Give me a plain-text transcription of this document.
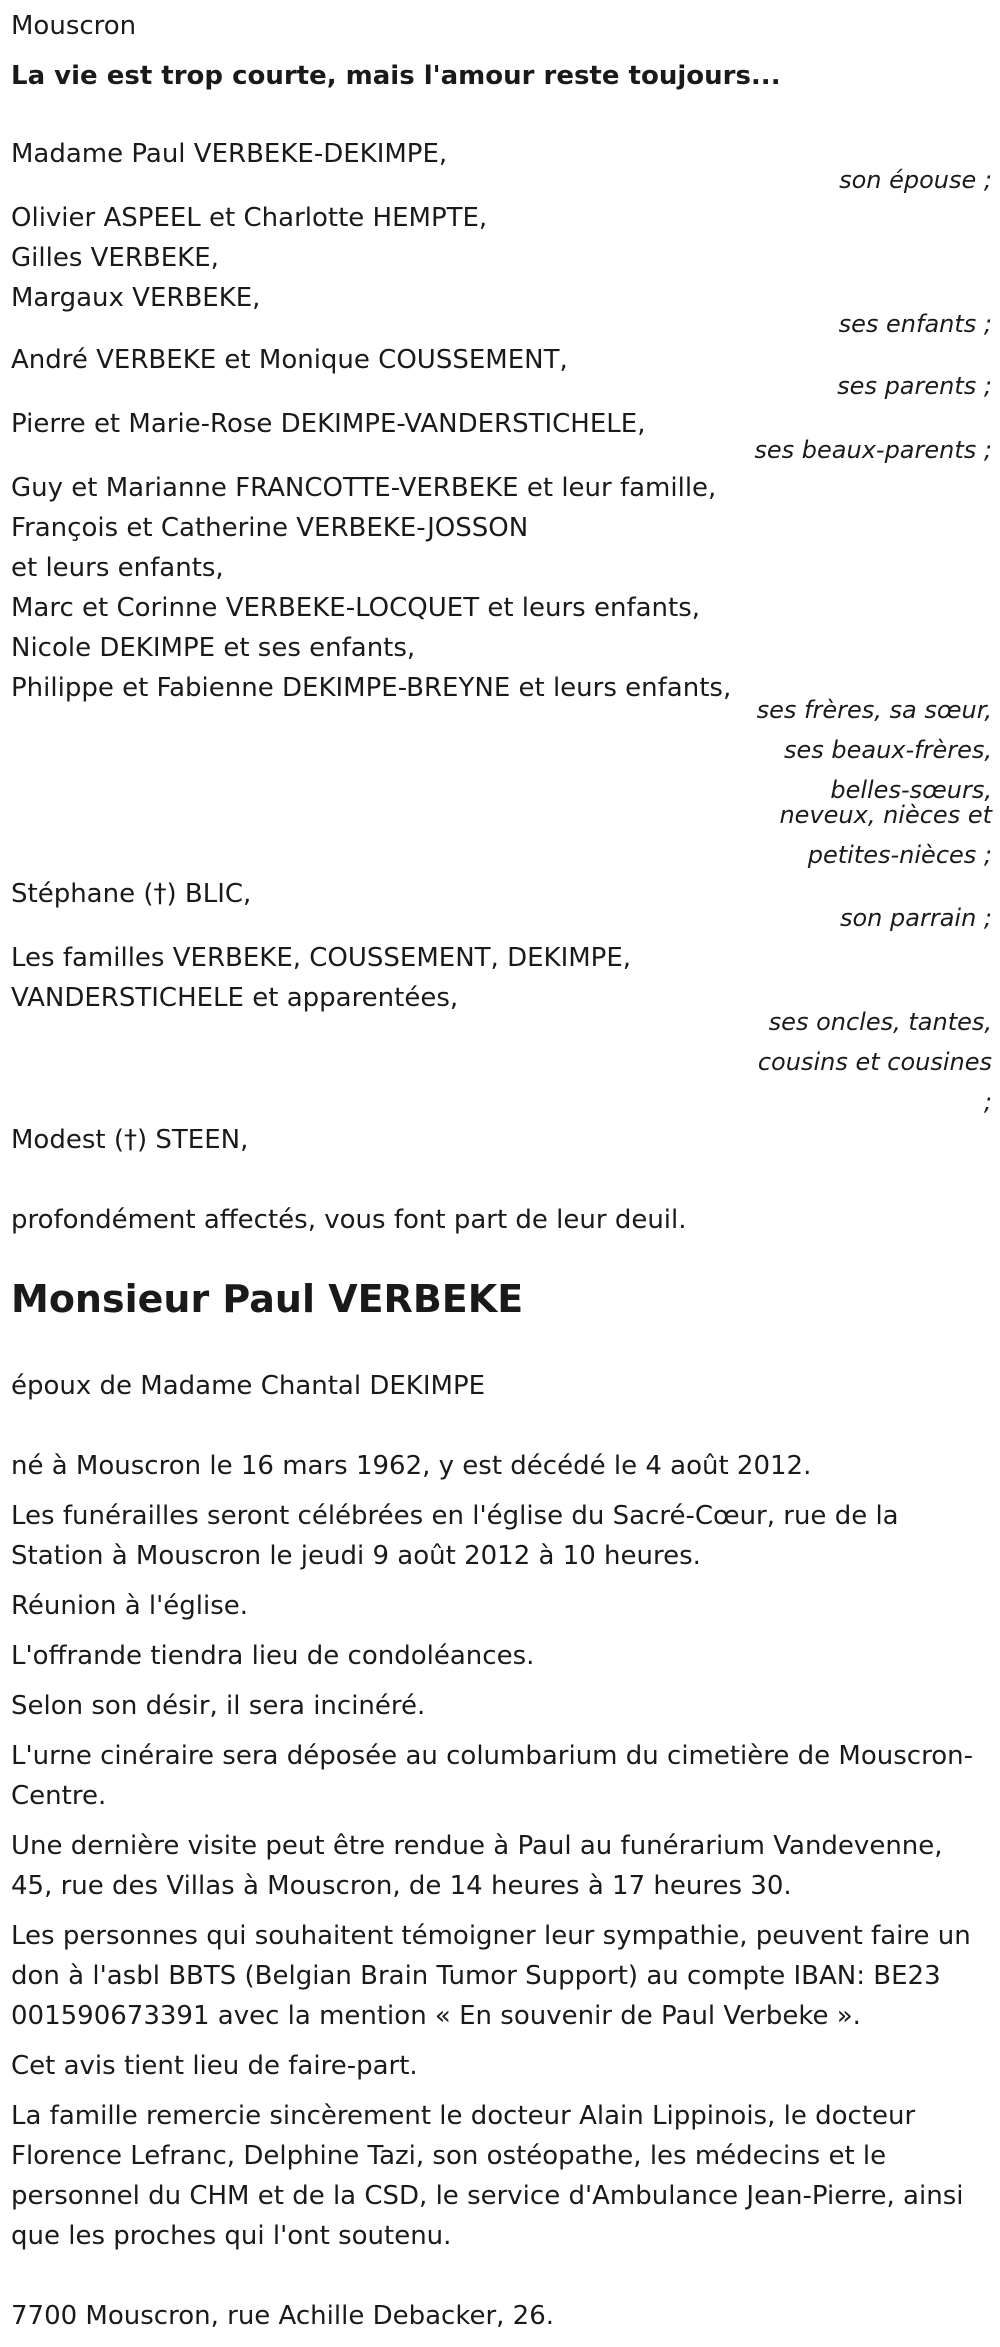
Mouscron
La vie est trop courte, mais l'amour reste toujours...
Madame Paul VERBEKE-DEKIMPE,
son épouse ;
Olivier ASPEEL et Charlotte HEMPTE,
Gilles VERBEKE,
Margaux VERBEKE,
ses enfants ;
André VERBEKE et Monique COUSSEMENT,
ses parents ;
Pierre et Marie-Rose DEKIMPE-VANDERSTICHELE,
ses beaux-parents ;
Guy et Marianne FRANCOTTE-VERBEKE et leur famille,
François et Catherine VERBEKE-JOSSON
et leurs enfants,
Marc et Corinne VERBEKE-LOCQUET et leurs enfants,
Nicole DEKIMPE et ses enfants,
Philippe et Fabienne DEKIMPE-BREYNE et leurs enfants,
ses frères, sa sœur,
ses beaux-frères,
belles-sœurs,
neveux, nièces et
petites-nièces ;
Stéphane (†) BLIC,
son parrain ;
Les familles VERBEKE, COUSSEMENT, DEKIMPE,
VANDERSTICHELE et apparentées,
ses oncles, tantes,
cousins et cousines
;
Modest (†) STEEN,
profondément affectés, vous font part de leur deuil.
Monsieur Paul VERBEKE
époux de Madame Chantal DEKIMPE
né à Mouscron le 16 mars 1962, y est décédé le 4 août 2012.
Les funérailles seront célébrées en l'église du Sacré-Cœur, rue de la Station à Mouscron le jeudi 9 août 2012 à 10 heures.
Réunion à l'église.
L'offrande tiendra lieu de condoléances.
Selon son désir, il sera incinéré.
L'urne cinéraire sera déposée au columbarium du cimetière de Mouscron-Centre.
Une dernière visite peut être rendue à Paul au funérarium Vandevenne, 45, rue des Villas à Mouscron, de 14 heures à 17 heures 30.
Les personnes qui souhaitent témoigner leur sympathie, peuvent faire un don à l'asbl BBTS (Belgian Brain Tumor Support) au compte IBAN: BE23 001590673391 avec la mention « En souvenir de Paul Verbeke ».
Cet avis tient lieu de faire-part.
La famille remercie sincèrement le docteur Alain Lippinois, le docteur Florence Lefranc, Delphine Tazi, son ostéopathe, les médecins et le personnel du CHM et de la CSD, le service d'Ambulance Jean-Pierre, ainsi que les proches qui l'ont soutenu.
7700 Mouscron, rue Achille Debacker, 26.
